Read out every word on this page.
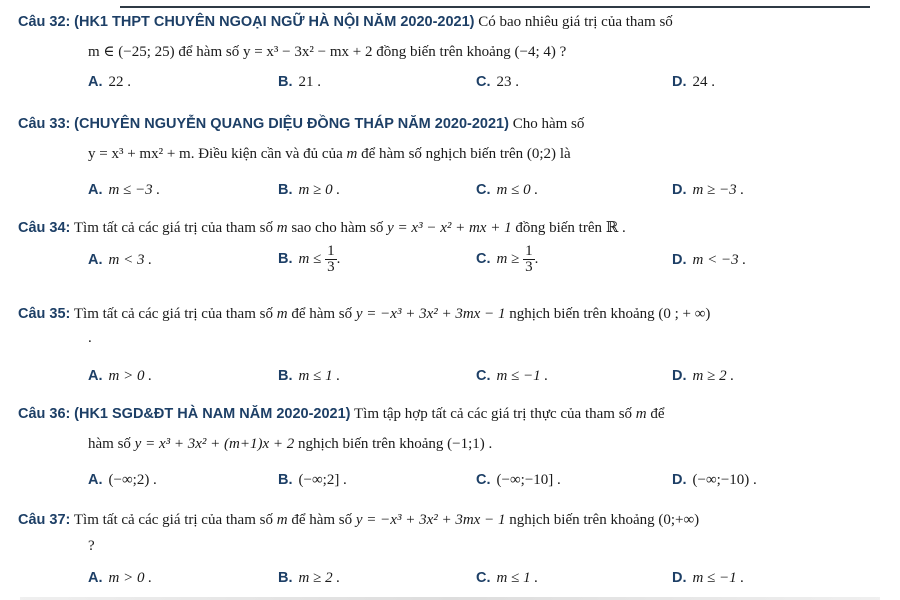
Câu 32: (HK1 THPT CHUYÊN NGOẠI NGỮ HÀ NỘI NĂM 2020-2021) Có bao nhiêu giá trị của tham số
m ∈ (−25; 25) để hàm số y = x³ − 3x² − mx + 2 đồng biến trên khoảng (−4; 4) ?
A. 22 .	B. 21 .	C. 23 .	D. 24 .
Câu 33: (CHUYÊN NGUYỄN QUANG DIỆU ĐỒNG THÁP NĂM 2020-2021) Cho hàm số
y = x³ + mx² + m. Điều kiện cần và đủ của m để hàm số nghịch biến trên (0;2) là
A. m ≤ −3 .	B. m ≥ 0 .	C. m ≤ 0 .	D. m ≥ −3 .
Câu 34: Tìm tất cả các giá trị của tham số m sao cho hàm số y = x³ − x² + mx + 1 đồng biến trên ℝ .
A. m < 3 .	B. $m \le \frac{1}{3}$ .	C. $m \ge \frac{1}{3}$ .	D. m < −3 .
Câu 35: Tìm tất cả các giá trị của tham số m để hàm số y = −x³ + 3x² + 3mx − 1 nghịch biến trên khoảng (0 ; + ∞)
.
A. m > 0 .	B. m ≤ 1 .	C. m ≤ −1 .	D. m ≥ 2 .
Câu 36: (HK1 SGD&ĐT HÀ NAM NĂM 2020-2021) Tìm tập hợp tất cả các giá trị thực của tham số m để
hàm số y = x³ + 3x² + (m+1)x + 2 nghịch biến trên khoảng (−1;1) .
A. (−∞;2) .	B. (−∞;2] .	C. (−∞;−10] .	D. (−∞;−10) .
Câu 37: Tìm tất cả các giá trị của tham số m để hàm số y = −x³ + 3x² + 3mx − 1 nghịch biến trên khoảng (0;+∞)
?
A. m > 0 .	B. m ≥ 2 .	C. m ≤ 1 .	D. m ≤ −1 .
